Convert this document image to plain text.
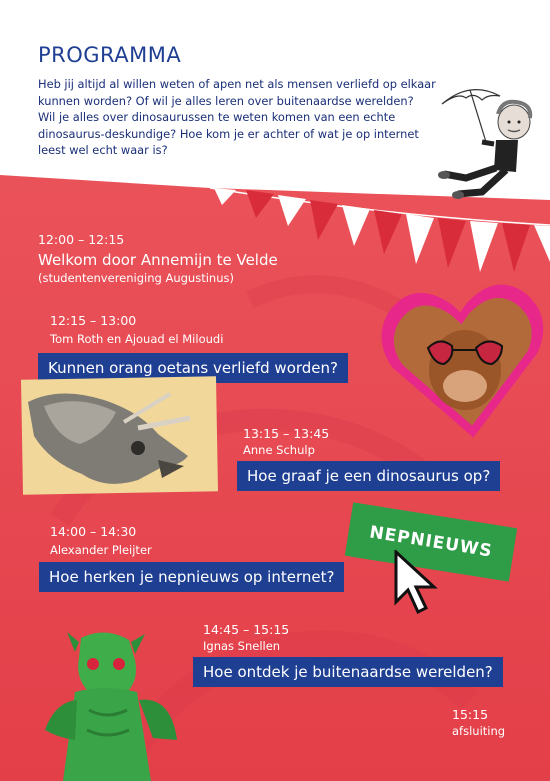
PROGRAMMA
Heb jij altijd al willen weten of apen net als mensen verliefd op elkaar
kunnen worden? Of wil je alles leren over buitenaardse werelden?
Wil je alles over dinosaurussen te weten komen van een echte
dinosaurus-deskundige? Hoe kom je er achter of wat je op internet
leest wel echt waar is?
12:00 – 12:15
Welkom door Annemijn te Velde
(studentenvereniging Augustinus)
12:15 – 13:00
Tom Roth en Ajouad el Miloudi
Kunnen orang oetans verliefd worden?
13:15 – 13:45
Anne Schulp
Hoe graaf je een dinosaurus op?
14:00 – 14:30
Alexander Pleijter
Hoe herken je nepnieuws op internet?
NEPNIEUWS
14:45 – 15:15
Ignas Snellen
Hoe ontdek je buitenaardse werelden?
15:15
afsluiting
